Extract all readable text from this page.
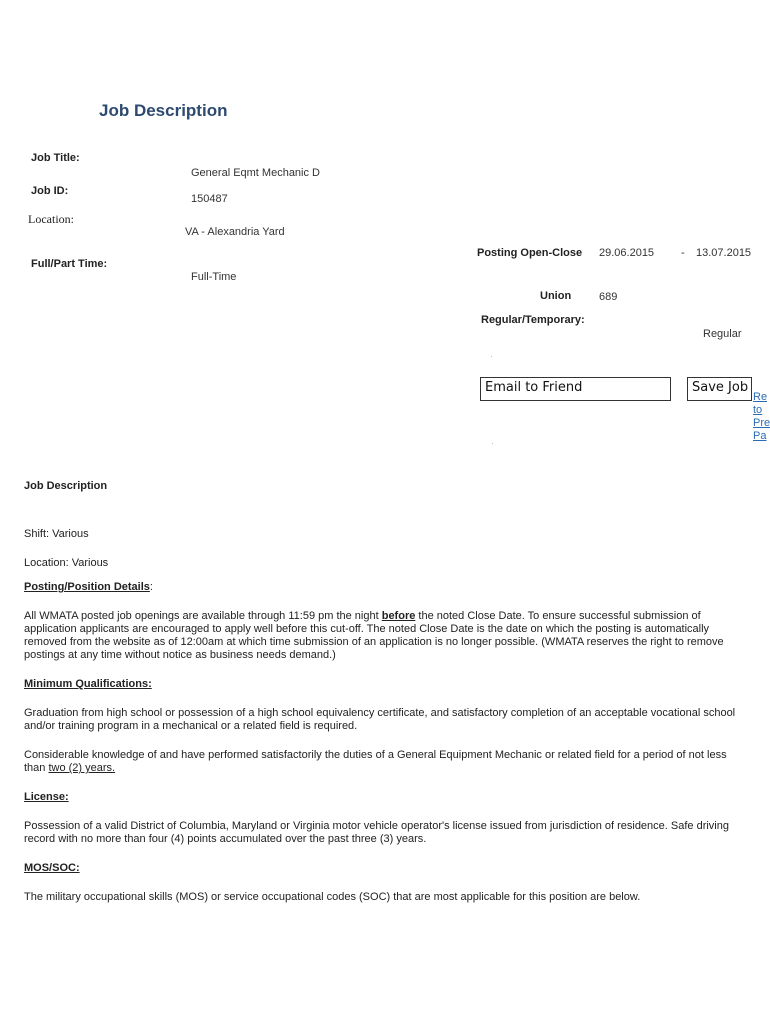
Job Description
Job Title:
General Eqmt Mechanic D
Job ID:
150487
Location:
VA - Alexandria Yard
Full/Part Time:
Full-Time
Posting Open-Close 29.06.2015 - 13.07.2015
Union	689
Regular/Temporary:
Regular
Email to Friend	Save Job
Re
to
Pre
Pa

Job Description

Shift: Various

Location: Various

Posting/Position Details:

All WMATA posted job openings are available through 11:59 pm the night before the noted Close Date. To ensure successful submission of application applicants are encouraged to apply well before this cut-off. The noted Close Date is the date on which the posting is automatically removed from the website as of 12:00am at which time submission of an application is no longer possible. (WMATA reserves the right to remove postings at any time without notice as business needs demand.)

Minimum Qualifications:

Graduation from high school or possession of a high school equivalency certificate, and satisfactory completion of an acceptable vocational school and/or training program in a mechanical or a related field is required.

Considerable knowledge of and have performed satisfactorily the duties of a General Equipment Mechanic or related field for a period of not less than two (2) years.

License:

Possession of a valid District of Columbia, Maryland or Virginia motor vehicle operator's license issued from jurisdiction of residence. Safe driving record with no more than four (4) points accumulated over the past three (3) years.

MOS/SOC:

The military occupational skills (MOS) or service occupational codes (SOC) that are most applicable for this position are below.
